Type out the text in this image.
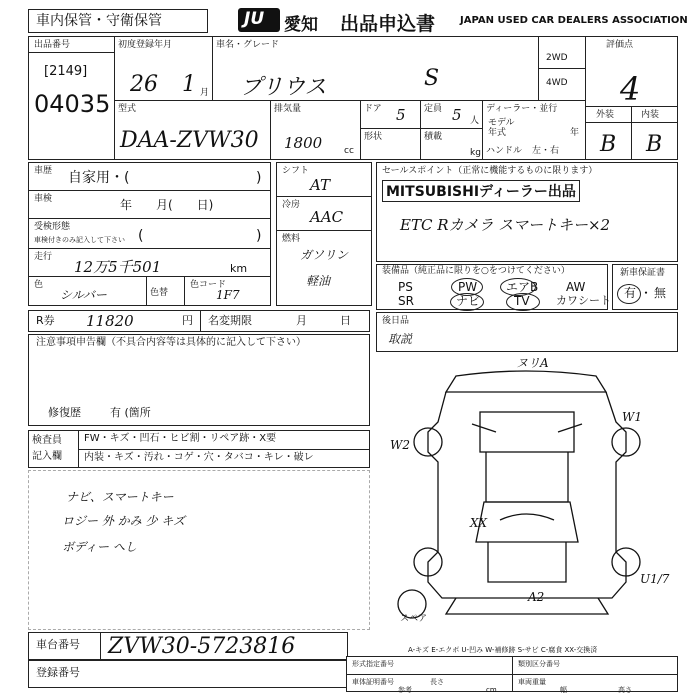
車内保管・守衛保管	JU 愛知 出品申込書 JAPAN USED CAR DEALERS ASSOCIATION
出品番号
[2149]
04035
初度登録年月
26 1 月
車名・グレード
プリウス	S
2WD
4WD
評価点
4
外装	内装
B B
型式
DAA-ZVW30
排気量
1800 cc
ドア 5 定員 5 人
形状	積載
kg
ディーラー・並行
モデル
年式	年
ハンドル 左・右
車歴 自家用・(	)
車検	年　　月(　　日)
受検形態
車検付きのみ記入して下さい (	)
走行
12万5千501	km
色
シルバー	色替
色コード
1F7
シフト
AT
冷房
AAC
燃料
ガソリン
軽油
セールスポイント（正常に機能するものに限ります）
MITSUBISHIディーラー出品
ETC Rカメラ スマートキー×2
装備品（純正品に限りを○をつけてください）
PS	PW エアB AW
SR	ナビ	TV カワシート
新車保証書
有 ・ 無
R券 11820	円 名変期限	月　　　日
注意事項申告欄（不具合内容等は具体的に記入して下さい）
修復歴	有 (箇所
検査員
記入欄
FW・キズ・凹石・ヒビ割・リペア跡・X要
内装・キズ・汚れ・コゲ・穴・タバコ・キレ・破レ
ナビ、スマートキー
ロジー 外 かみ 少 キズ
ボディー へし
後日品
取説
ヌリA
W2
W1
XX
U1/7
A2
スペア
A-キズ E-エクボ U-凹み W-補修跡 S-サビ C-腐食 XX-交換済
車台番号 ZVW30-5723816
登録番号
形式指定番号	類別区分番号
車体証明番号	車両重量
長さ
参考	幅	高さ
cm
